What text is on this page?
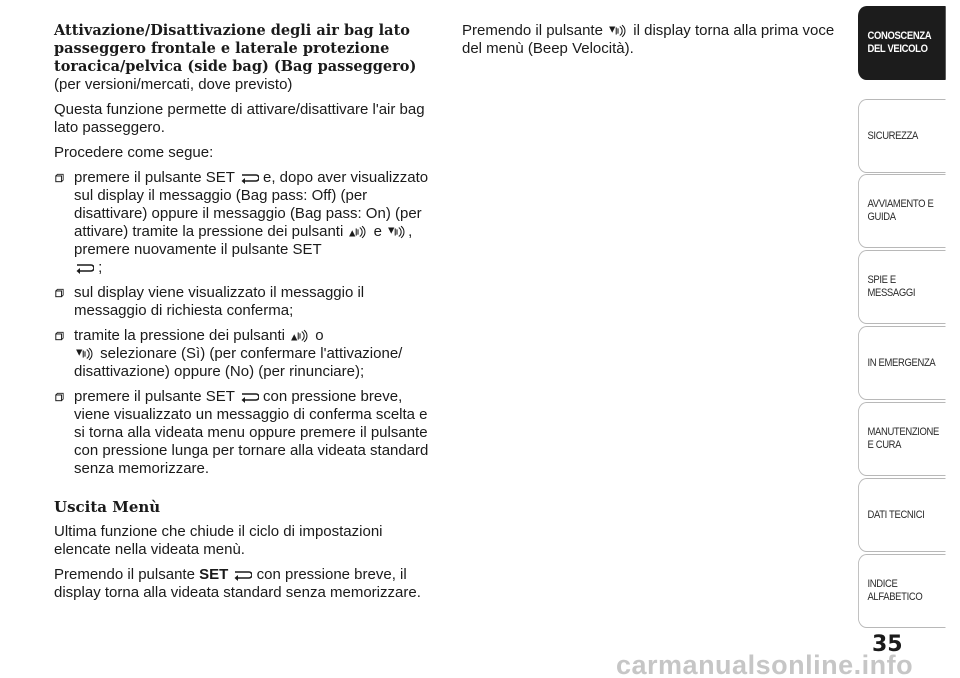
Attivazione/Disattivazione degli air bag lato passeggero frontale e laterale protezione toracica/pelvica (side bag) (Bag passeggero)
(per versioni/mercati, dove previsto)
Questa funzione permette di attivare/disattivare l'air bag lato passeggero.
Procedere come segue:
premere il pulsante SET e, dopo aver visualizzato sul display il messaggio (Bag pass: Off) (per disattivare) oppure il messaggio (Bag pass: On) (per attivare) tramite la pressione dei pulsanti e , premere nuovamente il pulsante SET
;
sul display viene visualizzato il messaggio il messaggio di richiesta conferma;
tramite la pressione dei pulsanti o
selezionare (Sì) (per confermare l'attivazione/ disattivazione) oppure (No) (per rinunciare);
premere il pulsante SET con pressione breve, viene visualizzato un messaggio di conferma scelta e si torna alla videata menu oppure premere il pulsante con pressione lunga per tornare alla videata standard senza memorizzare.
Uscita Menù
Ultima funzione che chiude il ciclo di impostazioni elencate nella videata menù.
Premendo il pulsante SET con pressione breve, il display torna alla videata standard senza memorizzare.
Premendo il pulsante il display torna alla prima voce del menù (Beep Velocità).
CONOSCENZA DEL VEICOLO
SICUREZZA
AVVIAMENTO E GUIDA
SPIE E MESSAGGI
IN EMERGENZA
MANUTENZIONE E CURA
DATI TECNICI
INDICE ALFABETICO
35
carmanualsonline.info
